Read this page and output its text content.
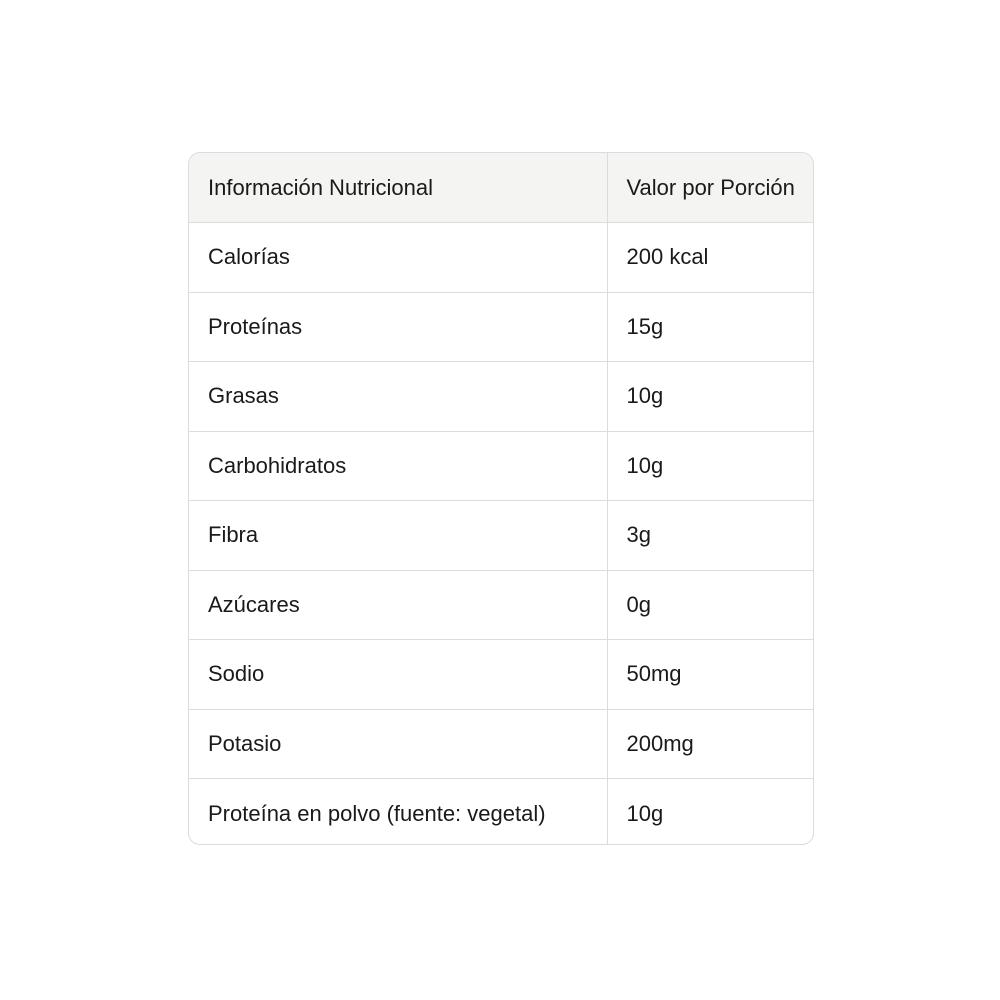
Información Nutricional	Valor por Porción
Calorías	200 kcal
Proteínas	15g
Grasas	10g
Carbohidratos	10g
Fibra	3g
Azúcares	0g
Sodio	50mg
Potasio	200mg
Proteína en polvo (fuente: vegetal)	10g
